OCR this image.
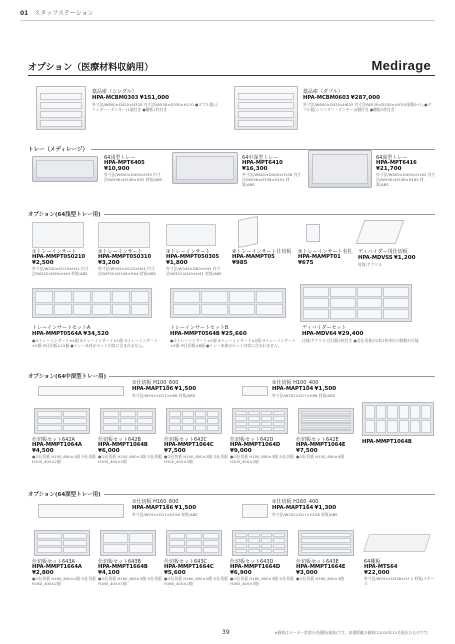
01 スタッフステーション
オプション（医療材料収納用）	Medirage
薬品庫（シングル）
HPA-MCBM0303 ¥151,000
外寸法/W600×D420×H325 内寸法/W530×D330×H170 ●ダブル錠(シリンダー・テンキー)1個付き ●棚板1枚付き
薬品庫（ダブル）
HPA-MCBM0603 ¥287,000
外寸法/W600×D420×H625 内寸法/W530×D330×H470(扉側から) ●ダブル錠(シリンダー・テンキー)2個付き ●棚板1枚付き
トレー（メディレージ）
64浅型トレー
HPA-MPT6405
¥10,900
外寸法/W600×D400×H55 内寸法/W536×D336×H52 材質/ABS
64中深型トレー
HPA-MPT6410
¥16,300
外寸法/W600×D400×H108 内寸法/W536×D336×H102 材質/ABS
64深型トレー
HPA-MPT6416
¥21,700
外寸法/W600×D400×H162 内寸法/W536×D336×H162 材質/ABS
オプション(64浅型トレー用)
①トレーインサート
HPA-MMPT050210
¥2,500
外寸法/W240×D110×H41 内寸法/W220×D99×H49 材質/ABS
②トレーインサート
HPA-MMPT050310
¥3,200
外寸法/W345×D120×H41 内寸法/W330×D106×H44 材質/ABS
③トレーインサート
HPA-MMPT050305
¥1,800
外寸法/W345×D60×H41 内寸法/W322×D45×H41 材質/ABS
④トレーインサート仕切板
HPA-MAMPT05
¥985
⑤トレーインサート名札
HPA-MAMPT01
¥675
ディバイダー用仕切板
HPA-MDVSS ¥1,200
材質/アクリル
トレーインサートセットA
HPA-MMPT0564A ¥34,520
●①トレーインサート×4個 ②トレーインサート×1個 ③トレーインサート×2個 ④仕切板×12個 ●トレー本体がセット内容に含まれません。
トレーインサートセットB
HPA-MMPT0564B ¥25,660
●①トレーインサート×2個 ②トレーインサート×2個 ③トレーインサート×3個 ④仕切板×6個 ●トレー本体がセット内容に含まれません。
ディバイダーセット
HPA-MDV64 ¥29,400
仕様/アクリル 仕切板2枚付き ●各仕切板が2枚1枚単位の移動が可能
オプション(64中深型トレー用)
①仕切板 H100_600
HPA-MAPT106 ¥1,500
外寸法/W552×D17×H98 材質/ABS
②仕切板 H100_400
HPA-MAPT104 ¥1,500
外寸法/W352×D17×H98 材質/ABS
仕切板セット642A
HPA-MMPT1064A
¥4,500
●①仕切板 H100_600×1個 ②仕切板 H100_400×2個
仕切板セット642B
HPA-MMPT1064B
¥6,000
●①仕切板 H100_600×2個 ②仕切板 H100_400×2個
仕切板セット642C
HPA-MMPT1064C
¥7,500
●①仕切板 H100_600×2個 ②仕切板 H100_400×3個
仕切板セット642D
HPA-MMPT1064D
¥9,000
●①仕切板 H100_600×3個 ②仕切板 H100_400×3個
仕切板セット642E
HPA-MMPT1064E
¥7,500
●①仕切板 H100_600×5個
HPA-MMPT1064B
オプション(64深型トレー用)
①仕切板 H160_600
HPA-MAPT166 ¥1,500
外寸法/W552×D17×H158 材質/ABS
②仕切板 H160_400
HPA-MAPT164 ¥1,300
外寸法/W352×D17×H158 材質/ABS
仕切板セット643A
HPA-MMPT1664A
¥2,800
●①仕切板 H160_600×1個 ②仕切板 H160_400×2個
仕切板セット643B
HPA-MMPT1664B
¥4,100
●①仕切板 H160_600×2個 ②仕切板 H160_400×1個
仕切板セット643C
HPA-MMPT1664C
¥5,600
●①仕切板 H160_600×2個 ②仕切板 H160_400×2個
仕切板セット643D
HPA-MMPT1664D
¥6,900
●①仕切板 H160_600×3個 ②仕切板 H160_400×3個
仕切板セット643E
HPA-MMPT1664E
¥3,000
●①仕切板 H160_600×3個
64棚板
HPA-MTS64
¥22,000
外寸法/W552×D336×H7.2 材質/スチール
39	※価格はメーカー希望小売価格(税抜)です。本書掲載の価格は2020年12月現在のものです。
